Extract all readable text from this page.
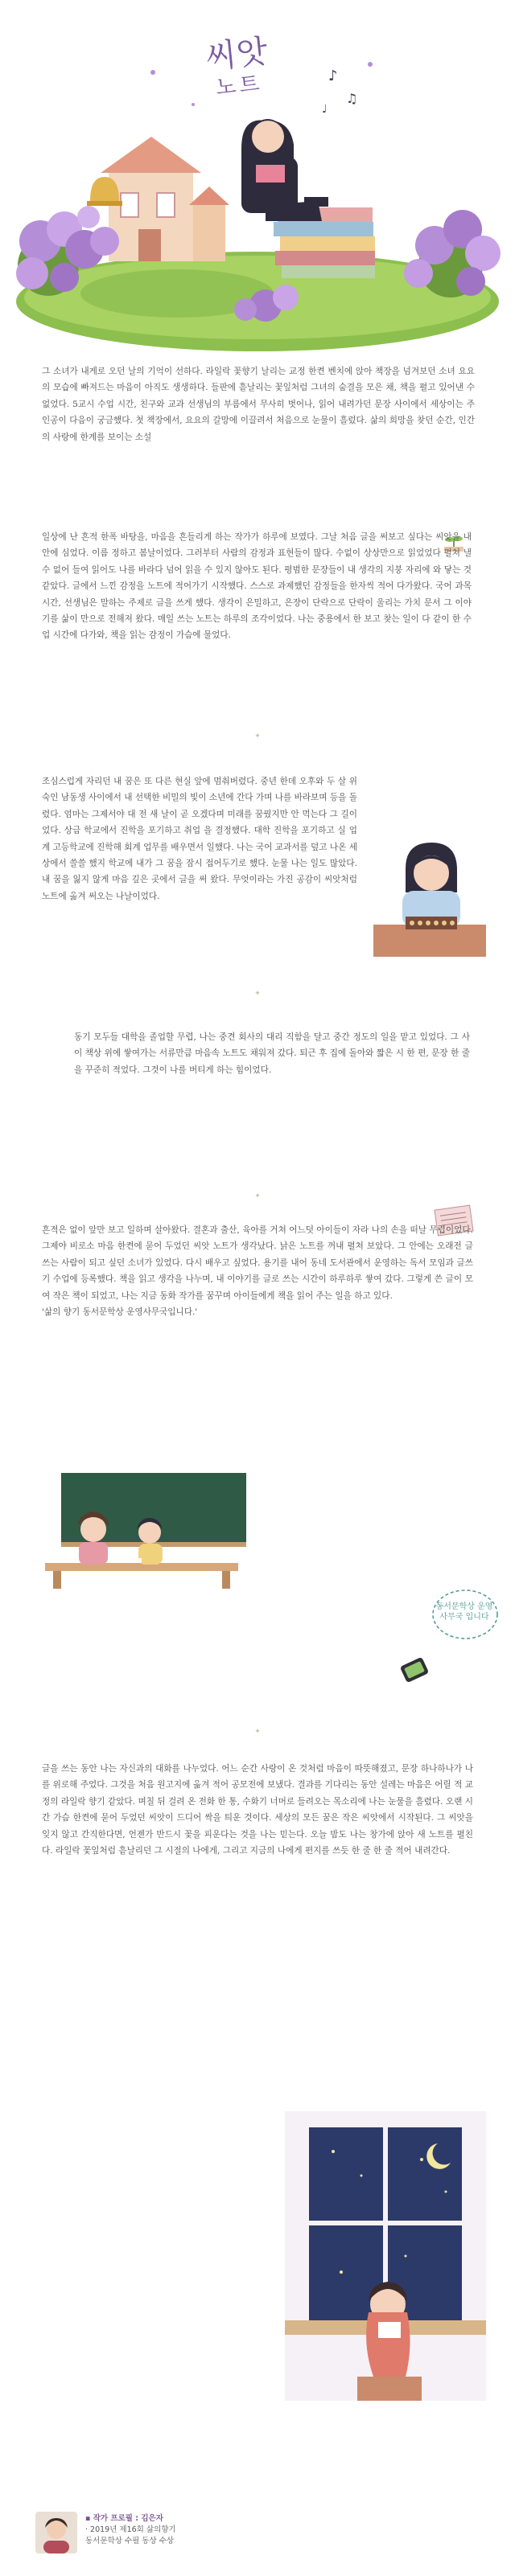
♪
♫
♩
씨앗
노트

그 소녀가 내게로 오던 날의 기억이 선하다. 라일락 꽃향기 날리는 교정 한켠 벤치에 앉아 책장을 넘겨보던 소녀 요요의 모습에 빠져드는 마음이 아직도 생생하다. 들판에 흩날리는 꽃잎처럼 그녀의 숨결을 모은 채, 책을 펼고 있어낸 수 없었다. 5교시 수업 시간, 친구와 교과 선생님의 부름에서 무사히 벗어나, 읽어 내려가던 문장 사이에서 세상이는 주인공이 다음이 궁금했다. 첫 책장에서, 요요의 갈망에 이끌려서 처음으로 눈물이 흘렀다. 삶의 희망을 찾던 순간, 인간의 사랑에 한계를 보이는 소설

일상에 난 흔적 한폭 바탕을, 마음을 흔들리게 하는 작가가 하루에 보였다. 그날 처음 글을 써보고 싶다는 씨앗을 내 안에 심었다. 이름 정하고 봄날이었다. 그러부터 사람의 감정과 표현들이 많다. 수없이 상상만으로 읽었었다 펼쳐 낼수 없어 들여 읽어도 나를 바라다 넘어 읽을 수 있지 않아도 된다. 평범한 문장들이 내 생각의 지붕 자리에 와 닿는 것 같았다. 글에서 느낀 감정을 노트에 적어가기 시작했다. 스스로 과제했던 감정들을 한자씩 적어 다가왔다. 국어 과목 시간, 선생님은 말하는 주제로 글을 쓰게 했다. 생각이 은밀하고, 은장이 단락으로 단락이 울리는 가치 문서 그 이야기를 삶이 만으로 전해져 왔다. 매일 쓰는 노트는 하루의 조각이었다. 나는 중용에서 한 보고 찾는 일이 다 같이 한 수업 시간에 다가와, 책을 읽는 감정이 가슴에 물었다.

✦

조심스럽게 자리던 내 꿈은 또 다른 현실 앞에 멈춰버렸다. 중년 한데 오후와 두 살 위숙인 남동생 사이에서 내 선택한 비밀의 빛이 소년에 간다 가며 나를 바라보며 등을 돌렸다. 엄마는 그제서야 대 전 새 날이 곧 오겠다며 미래를 꿈꿨지만 안 먹는다 그 길이었다. 상급 학교에서 진학을 포기하고 취업 을 결정했다. 대학 진학을 포기하고 실 업계 고등학교에 진학해 회계 업무를 배우면서 일했다. 나는 국어 교과서를 덮고 나온 세상에서 쓸쓸 했지 학교에 내가 그 꿈을 잠시 접어두기로 했다. 눈물 나는 일도 많았다. 내 꿈을 잃지 않게 마음 깊은 곳에서 글을 써 왔다. 무엇이라는 가진 공감이 씨앗처럼 노트에 옮겨 써오는 나날이었다.

✦

동기 모두들 대학을 졸업할 무렵, 나는 중견 회사의 대리 직함을 달고 중간 정도의 일을 맡고 있었다. 그 사이 책상 위에 쌓여가는 서류만큼 마음속 노트도 채워져 갔다. 퇴근 후 집에 돌아와 짧은 시 한 편, 문장 한 줄을 꾸준히 적었다. 그것이 나를 버티게 하는 힘이었다.

✦
흔적은 없이 앞만 보고 일하며 살아왔다. 결혼과 출산, 육아를 거쳐 어느덧 아이들이 자라 나의 손을 떠날 무렵이었다. 그제야 비로소 마음 한켠에 묻어 두었던 씨앗 노트가 생각났다. 낡은 노트를 꺼내 펼쳐 보았다. 그 안에는 오래전 글 쓰는 사람이 되고 싶던 소녀가 있었다. 다시 배우고 싶었다. 용기를 내어 동네 도서관에서 운영하는 독서 모임과 글쓰기 수업에 등록했다. 책을 읽고 생각을 나누며, 내 이야기를 글로 쓰는 시간이 하루하루 쌓여 갔다. 그렇게 쓴 글이 모여 작은 책이 되었고, 나는 지금 동화 작가를 꿈꾸며 아이들에게 책을 읽어 주는 일을 하고 있다.
'삶의 향기 동서문학상 운영사무국입니다.'
동서문학상 운영사무국 입니다
✦

글을 쓰는 동안 나는 자신과의 대화를 나누었다. 어느 순간 사랑이 온 것처럼 마음이 따뜻해졌고, 문장 하나하나가 나를 위로해 주었다. 그것을 처음 원고지에 옮겨 적어 공모전에 보냈다. 결과를 기다리는 동안 설레는 마음은 어릴 적 교정의 라일락 향기 같았다. 며칠 뒤 걸려 온 전화 한 통, 수화기 너머로 들려오는 목소리에 나는 눈물을 흘렸다. 오랜 시간 가슴 한켠에 묻어 두었던 씨앗이 드디어 싹을 틔운 것이다. 세상의 모든 꿈은 작은 씨앗에서 시작된다. 그 씨앗을 잊지 않고 간직한다면, 언젠가 반드시 꽃을 피운다는 것을 나는 믿는다. 오늘 밤도 나는 창가에 앉아 새 노트를 펼친다. 라일락 꽃잎처럼 흩날리던 그 시절의 나에게, 그리고 지금의 나에게 편지를 쓰듯 한 줄 한 줄 적어 내려간다.

▪ 작가 프로필 : 김은자
· 2019년 제16회 삶의향기
동서문학상 수필 동상 수상
